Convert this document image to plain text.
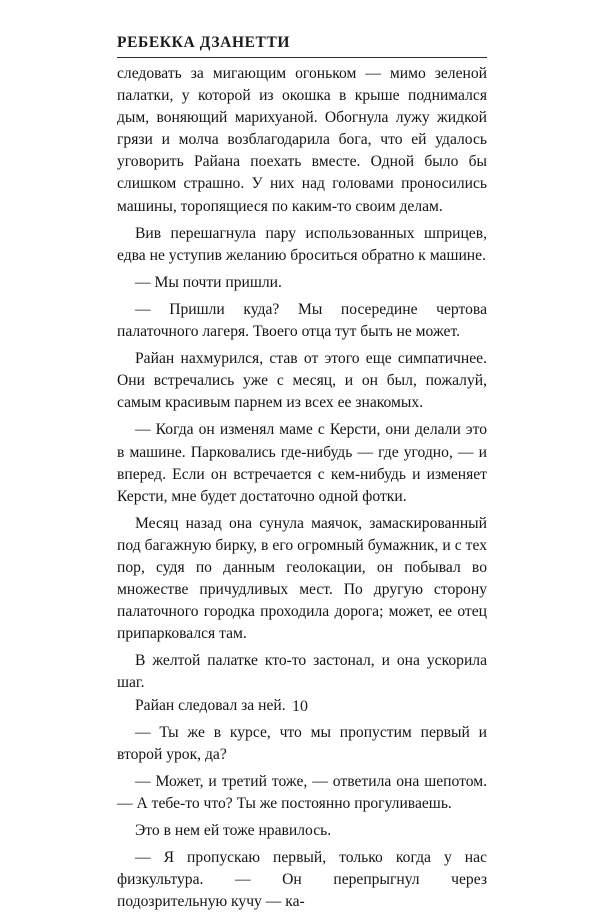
РЕБЕККА ДЗАНЕТТИ

следовать за мигающим огоньком — мимо зеленой палатки, у которой из окошка в крыше поднимался дым, воняющий марихуаной. Обогнула лужу жидкой грязи и молча возблагодарила бога, что ей удалось уговорить Райана поехать вместе. Одной было бы слишком страшно. У них над головами проносились машины, торопящиеся по каким-то своим делам.

Вив перешагнула пару использованных шприцев, едва не уступив желанию броситься обратно к машине.

— Мы почти пришли.

— Пришли куда? Мы посередине чертова палаточного лагеря. Твоего отца тут быть не может.

Райан нахмурился, став от этого еще симпатичнее. Они встречались уже с месяц, и он был, пожалуй, самым красивым парнем из всех ее знакомых.

— Когда он изменял маме с Керсти, они делали это в машине. Парковались где-нибудь — где угодно, — и вперед. Если он встречается с кем-нибудь и изменяет Керсти, мне будет достаточно одной фотки.

Месяц назад она сунула маячок, замаскированный под багажную бирку, в его огромный бумажник, и с тех пор, судя по данным геолокации, он побывал во множестве причудливых мест. По другую сторону палаточного городка проходила дорога; может, ее отец припарковался там.

В желтой палатке кто-то застонал, и она ускорила шаг.

Райан следовал за ней.

— Ты же в курсе, что мы пропустим первый и второй урок, да?

— Может, и третий тоже, — ответила она шепотом. — А тебе-то что? Ты же постоянно прогуливаешь.

Это в нем ей тоже нравилось.

— Я пропускаю первый, только когда у нас физкультура. — Он перепрыгнул через подозрительную кучу — ка-

10
